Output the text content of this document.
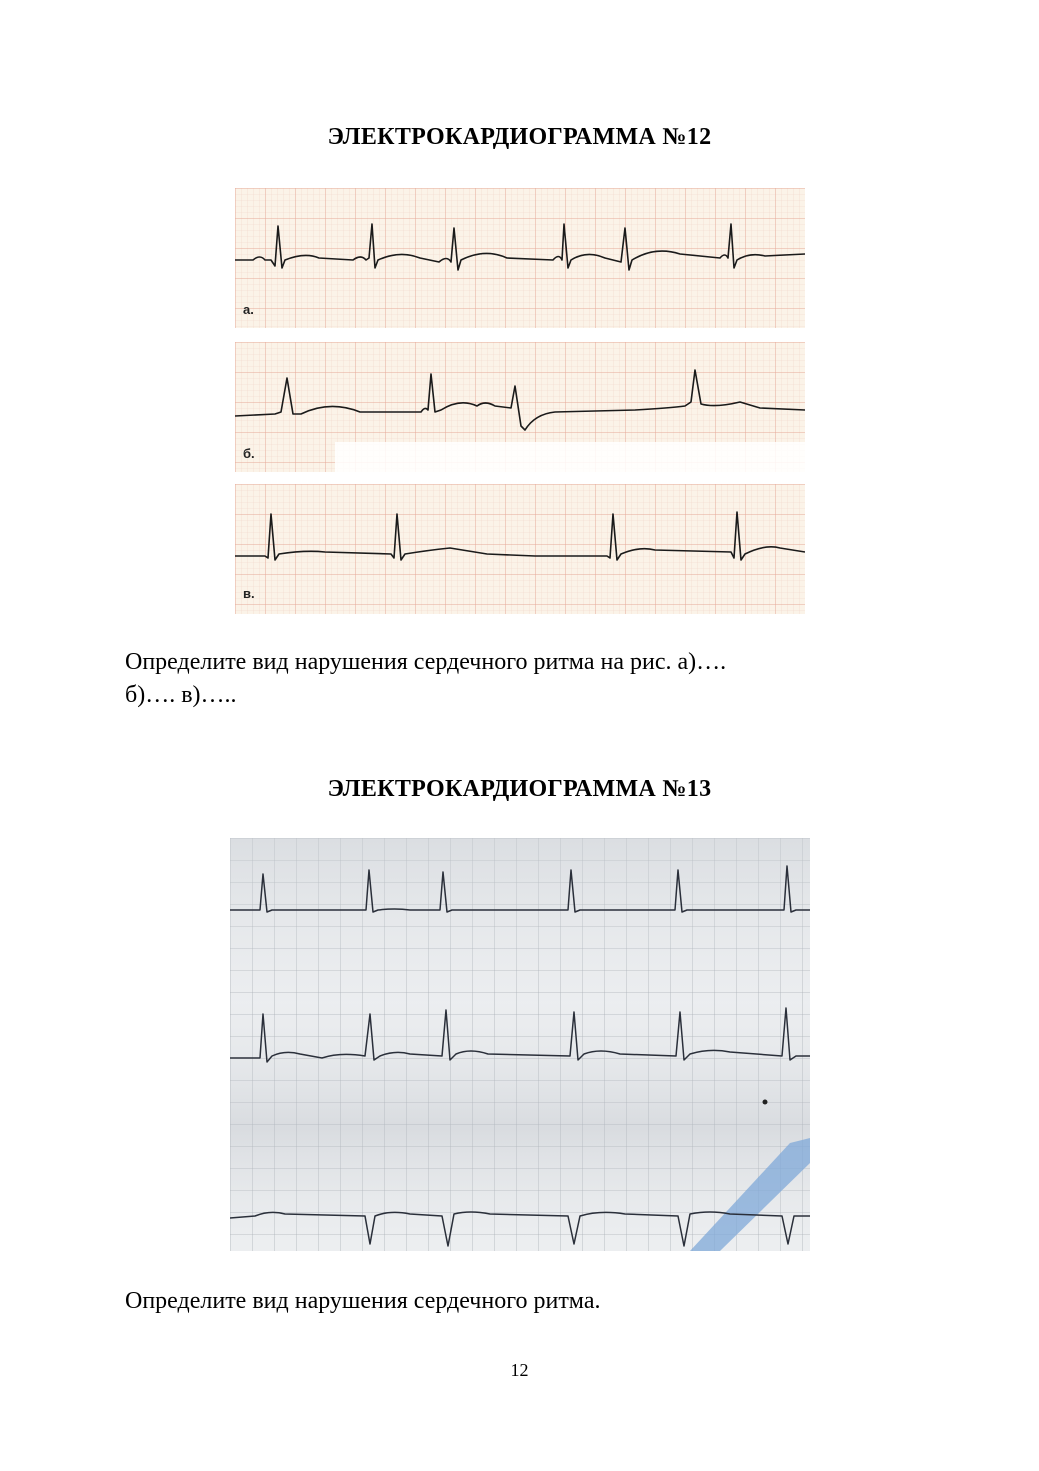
ЭЛЕКТРОКАРДИОГРАММА №12
а.
б.
в.
Определите вид нарушения сердечного ритма на рис. а)….
б)…. в)…..
ЭЛЕКТРОКАРДИОГРАММА №13
Определите вид нарушения сердечного ритма.
12
